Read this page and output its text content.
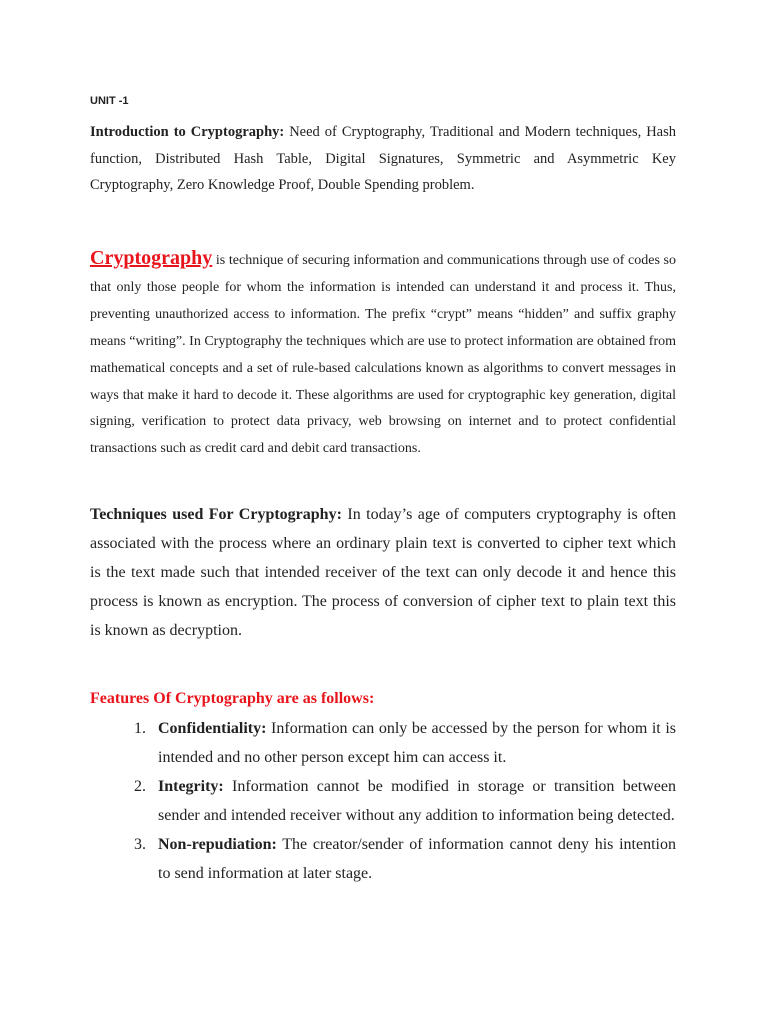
UNIT -1

Introduction to Cryptography: Need of Cryptography, Traditional and Modern techniques, Hash function, Distributed Hash Table, Digital Signatures, Symmetric and Asymmetric Key Cryptography, Zero Knowledge Proof, Double Spending problem.

Cryptography is technique of securing information and communications through use of codes so that only those people for whom the information is intended can understand it and process it. Thus, preventing unauthorized access to information. The prefix “crypt” means “hidden” and suffix graphy means “writing”. In Cryptography the techniques which are use to protect information are obtained from mathematical concepts and a set of rule-based calculations known as algorithms to convert messages in ways that make it hard to decode it. These algorithms are used for cryptographic key generation, digital signing, verification to protect data privacy, web browsing on internet and to protect confidential transactions such as credit card and debit card transactions.

Techniques used For Cryptography: In today’s age of computers cryptography is often associated with the process where an ordinary plain text is converted to cipher text which is the text made such that intended receiver of the text can only decode it and hence this process is known as encryption. The process of conversion of cipher text to plain text this is known as decryption.

Features Of Cryptography are as follows:
1. Confidentiality: Information can only be accessed by the person for whom it is intended and no other person except him can access it.
2. Integrity: Information cannot be modified in storage or transition between sender and intended receiver without any addition to information being detected.
3. Non-repudiation: The creator/sender of information cannot deny his intention to send information at later stage.
